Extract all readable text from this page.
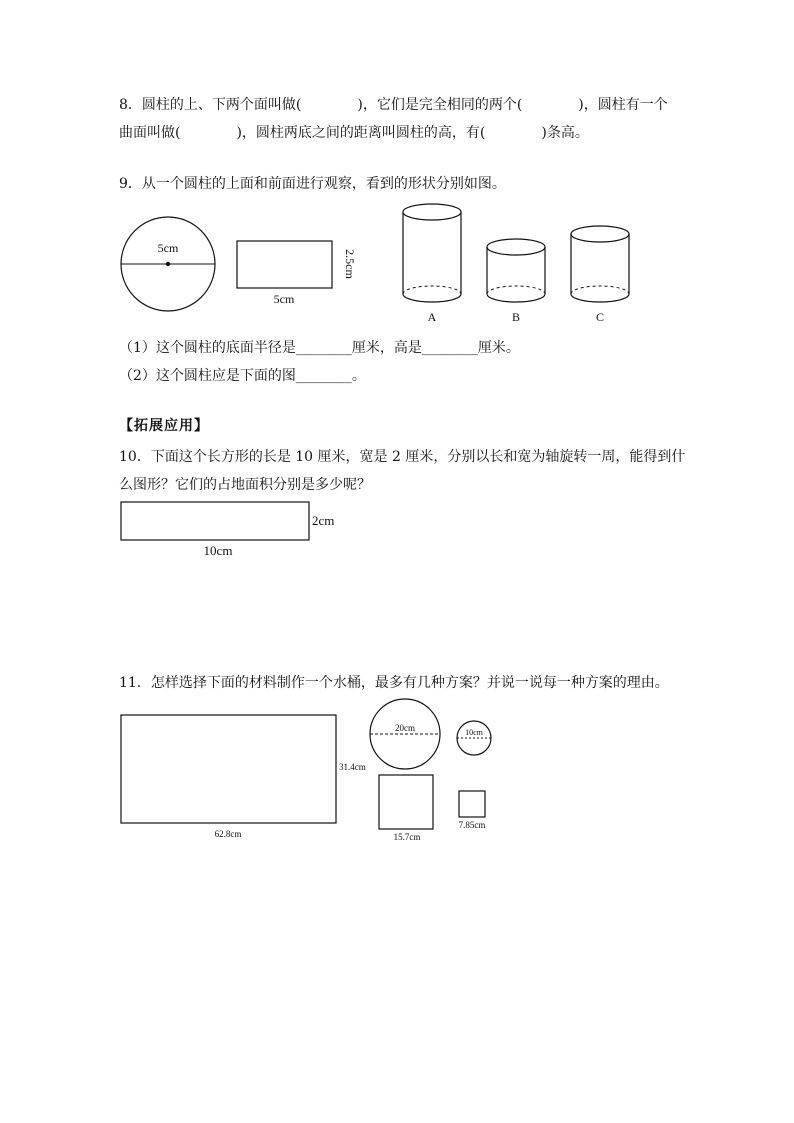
8．圆柱的上、下两个面叫做(　　　　)，它们是完全相同的两个(　　　　)，圆柱有一个
曲面叫做(　　　　)，圆柱两底之间的距离叫圆柱的高，有(　　　　)条高。
9．从一个圆柱的上面和前面进行观察，看到的形状分别如图。
5cm
5cm
2.5cm
A	B	C
2cm
10cm
62.8cm
31.4cm
20cm	10cm
15.7cm
7.85cm
（1）这个圆柱的底面半径是________厘米，高是________厘米。
（2）这个圆柱应是下面的图________。
【拓展应用】
10．下面这个长方形的长是 10 厘米，宽是 2 厘米，分别以长和宽为轴旋转一周，能得到什
么图形？它们的占地面积分别是多少呢？
11．怎样选择下面的材料制作一个水桶，最多有几种方案？并说一说每一种方案的理由。
